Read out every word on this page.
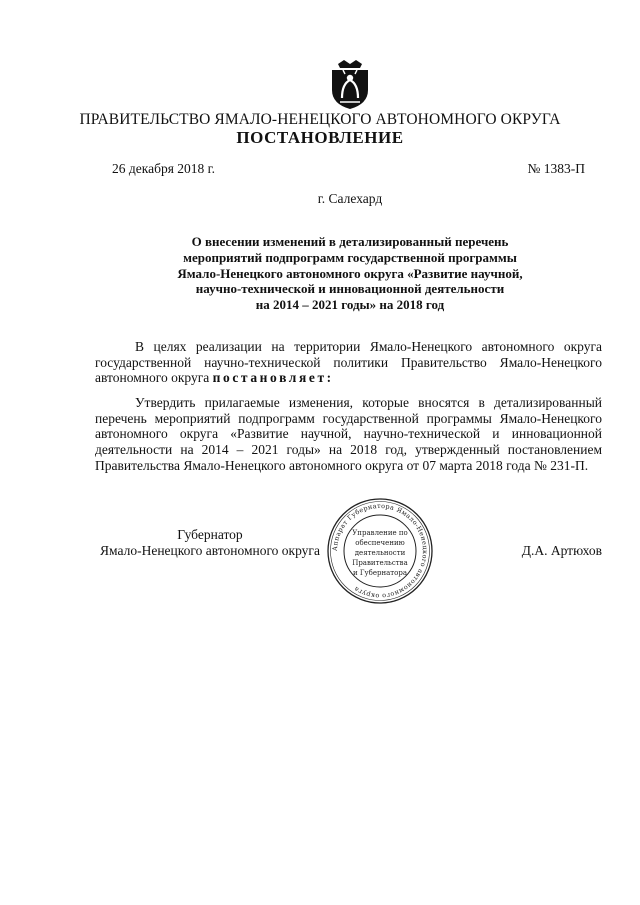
ПРАВИТЕЛЬСТВО ЯМАЛО-НЕНЕЦКОГО АВТОНОМНОГО ОКРУГА
ПОСТАНОВЛЕНИЕ
26 декабря 2018 г.	№ 1383-П
г. Салехард
О внесении изменений в детализированный перечень
мероприятий подпрограмм государственной программы
Ямало-Ненецкого автономного округа «Развитие научной,
научно-технической и инновационной деятельности
на 2014 – 2021 годы» на 2018 год
В целях реализации на территории Ямало-Ненецкого автономного округа государственной научно-технической политики Правительство Ямало-Ненецкого автономного округа постановляет:
Утвердить прилагаемые изменения, которые вносятся в детализированный перечень мероприятий подпрограмм государственной программы Ямало-Ненецкого автономного округа «Развитие научной, научно-технической и инновационной деятельности на 2014 – 2021 годы» на 2018 год, утвержденный постановлением Правительства Ямало-Ненецкого автономного округа от 07 марта 2018 года № 231-П.
Губернатор
Ямало-Ненецкого автономного округа	Д.А. Артюхов
Аппарат Губернатора Ямало-Ненецкого автономного округа
Управление по
обеспечению
деятельности
Правительства
и Губернатора
